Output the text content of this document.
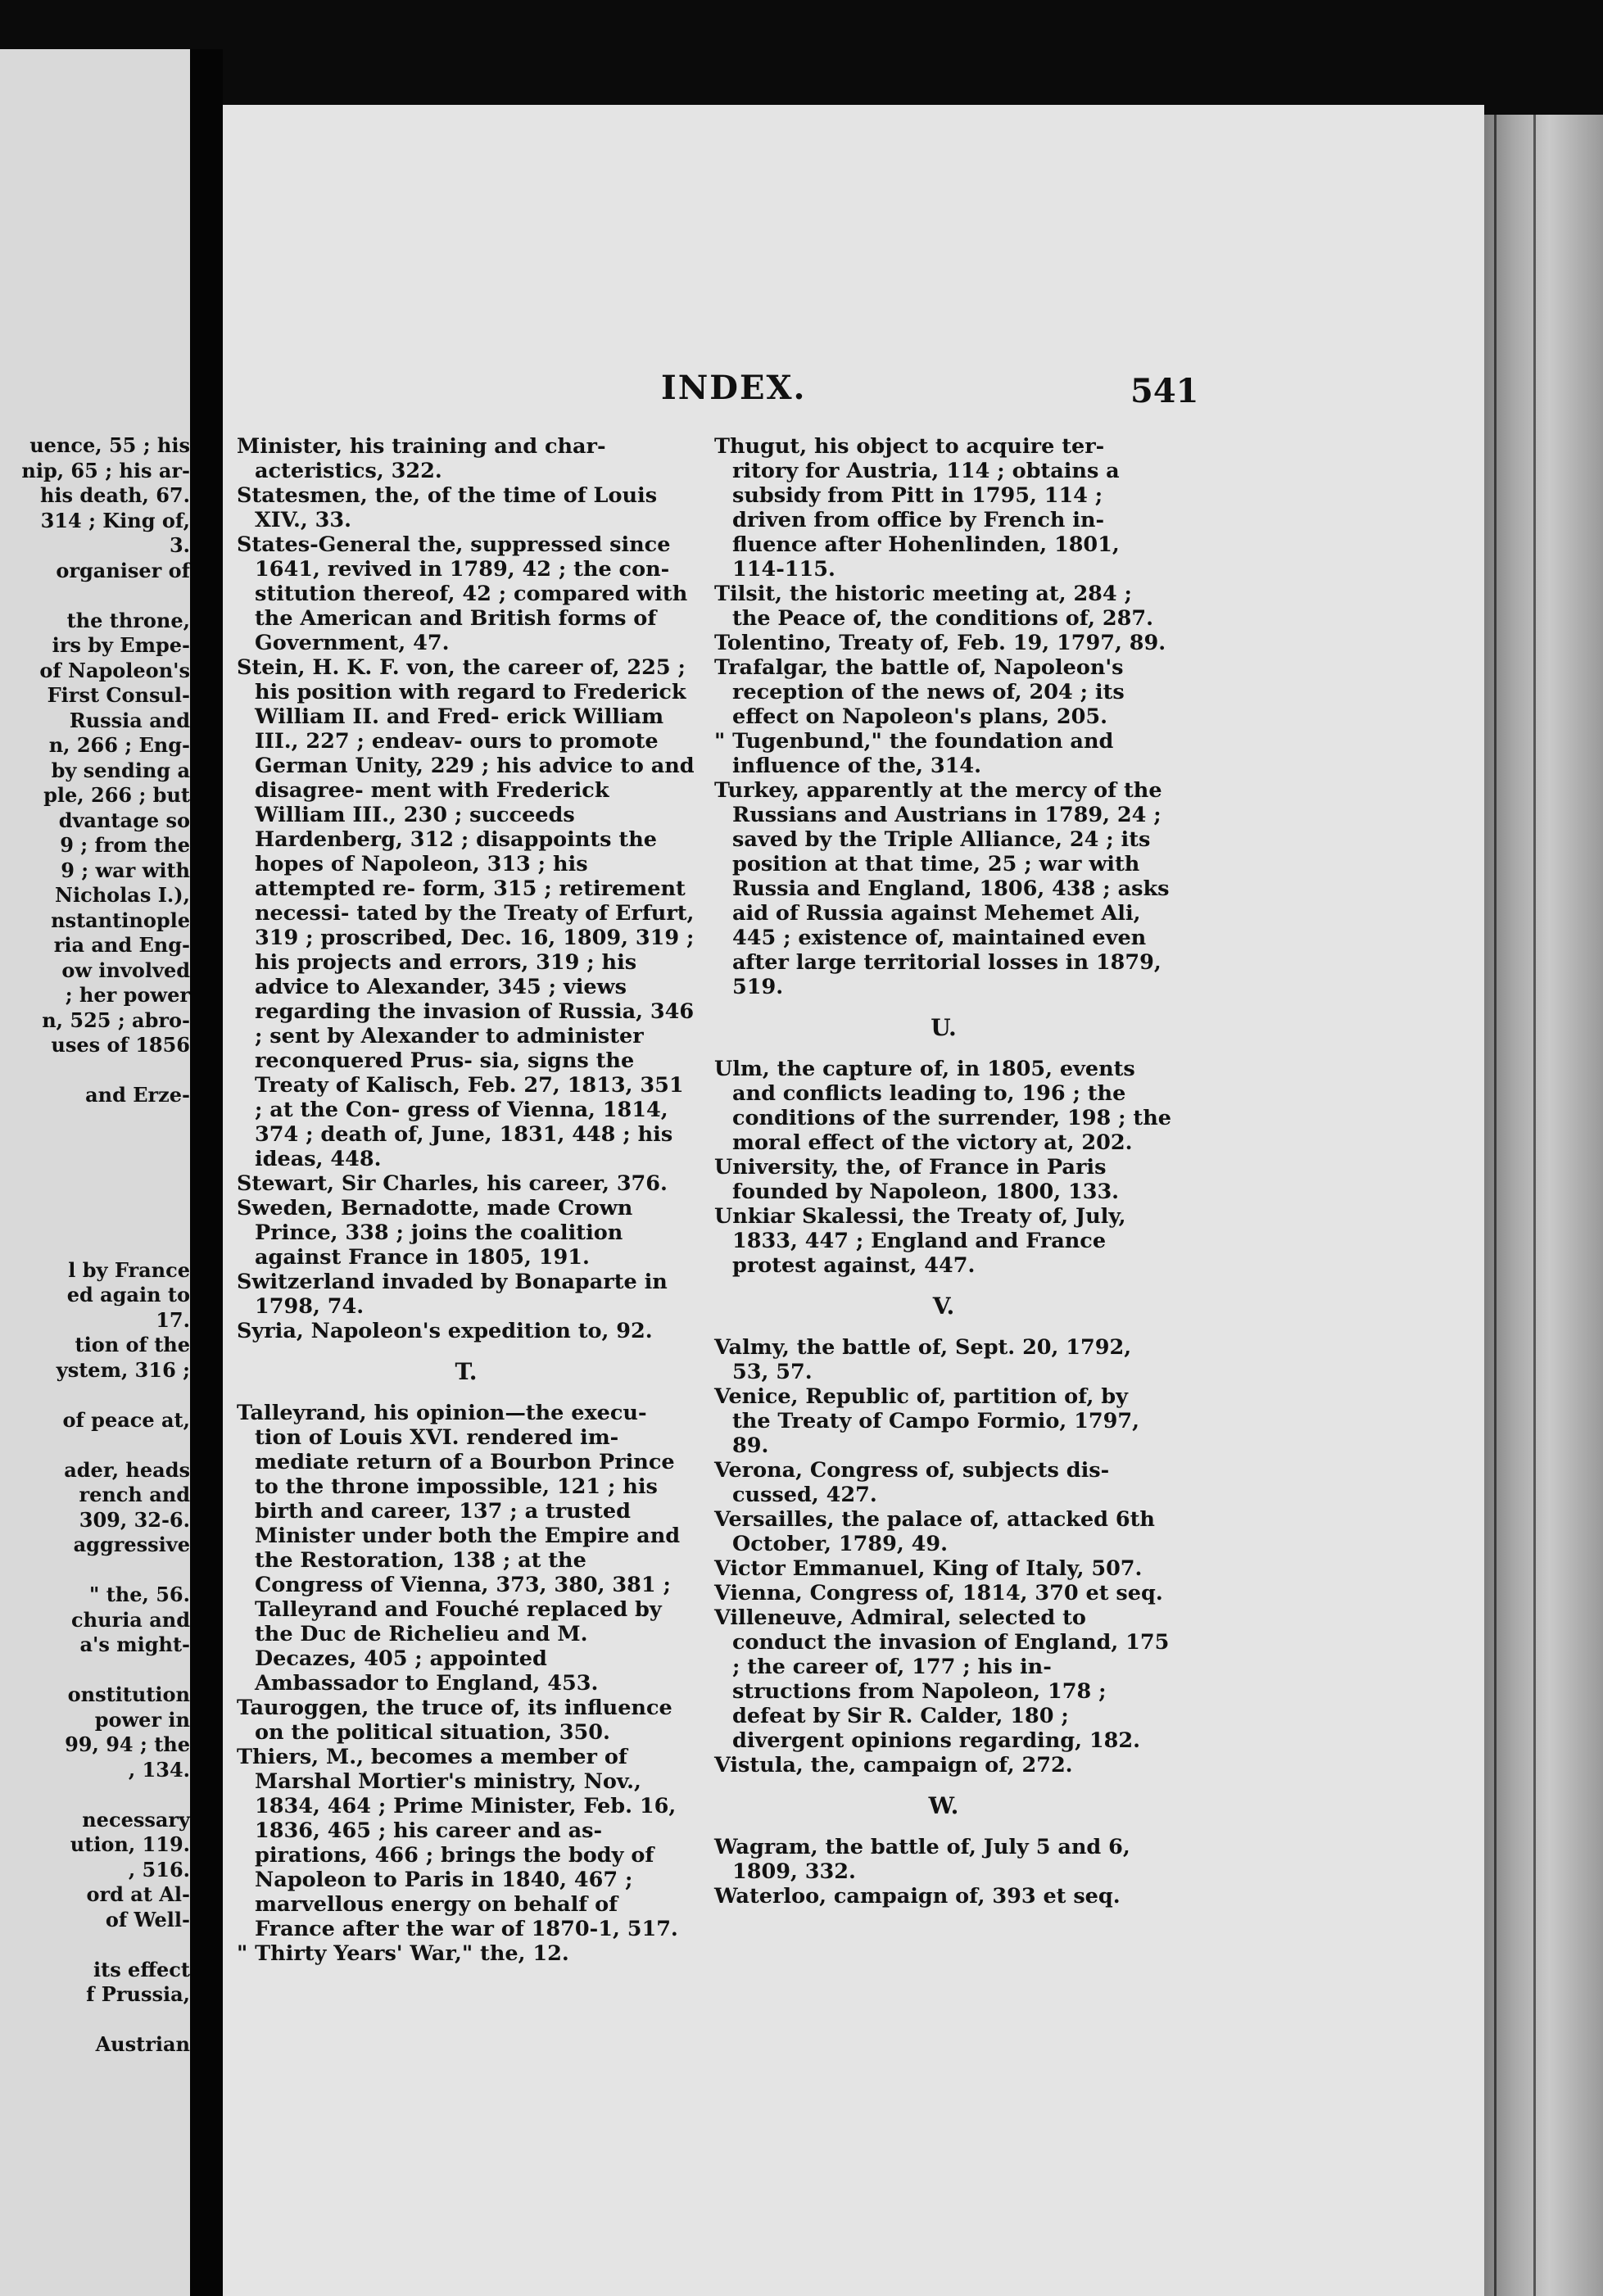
uence, 55 ; his
nip, 65 ; his ar-
his death, 67.
314 ; King of,
3.
organiser of
the throne,
irs by Empe-
of Napoleon's
First Consul-
Russia and
n, 266 ; Eng-
by sending a
ple, 266 ; but
dvantage so
9 ; from the
9 ; war with
Nicholas I.),
nstantinople
ria and Eng-
ow involved
; her power
n, 525 ; abro-
uses of 1856
and Erze-
l by France
ed again to
17.
tion of the
ystem, 316 ;
of peace at,
ader, heads
rench and
309, 32-6.
aggressive
" the, 56.
churia and
a's might-
onstitution
power in
99, 94 ; the
, 134.
necessary
ution, 119.
, 516.
ord at Al-
of Well-
its effect
f Prussia,
Austrian
INDEX.	541

Minister, his training and char- acteristics, 322.

Statesmen, the, of the time of Louis XIV., 33.

States-General the, suppressed since 1641, revived in 1789, 42 ; the con- stitution thereof, 42 ; compared with the American and British forms of Government, 47.

Stein, H. K. F. von, the career of, 225 ; his position with regard to Frederick William II. and Fred- erick William III., 227 ; endeav- ours to promote German Unity, 229 ; his advice to and disagree- ment with Frederick William III., 230 ; succeeds Hardenberg, 312 ; disappoints the hopes of Napoleon, 313 ; his attempted re- form, 315 ; retirement necessi- tated by the Treaty of Erfurt, 319 ; proscribed, Dec. 16, 1809, 319 ; his projects and errors, 319 ; his advice to Alexander, 345 ; views regarding the invasion of Russia, 346 ; sent by Alexander to administer reconquered Prus- sia, signs the Treaty of Kalisch, Feb. 27, 1813, 351 ; at the Con- gress of Vienna, 1814, 374 ; death of, June, 1831, 448 ; his ideas, 448.

Stewart, Sir Charles, his career, 376.

Sweden, Bernadotte, made Crown Prince, 338 ; joins the coalition against France in 1805, 191.

Switzerland invaded by Bonaparte in 1798, 74.

Syria, Napoleon's expedition to, 92.

T.

Talleyrand, his opinion—the execu- tion of Louis XVI. rendered im- mediate return of a Bourbon Prince to the throne impossible, 121 ; his birth and career, 137 ; a trusted Minister under both the Empire and the Restoration, 138 ; at the Congress of Vienna, 373, 380, 381 ; Talleyrand and Fouché replaced by the Duc de Richelieu and M. Decazes, 405 ; appointed Ambassador to England, 453.

Tauroggen, the truce of, its influence on the political situation, 350.

Thiers, M., becomes a member of Marshal Mortier's ministry, Nov., 1834, 464 ; Prime Minister, Feb. 16, 1836, 465 ; his career and as- pirations, 466 ; brings the body of Napoleon to Paris in 1840, 467 ; marvellous energy on behalf of France after the war of 1870-1, 517.

" Thirty Years' War," the, 12.

Thugut, his object to acquire ter- ritory for Austria, 114 ; obtains a subsidy from Pitt in 1795, 114 ; driven from office by French in- fluence after Hohenlinden, 1801, 114-115.

Tilsit, the historic meeting at, 284 ; the Peace of, the conditions of, 287.

Tolentino, Treaty of, Feb. 19, 1797, 89.

Trafalgar, the battle of, Napoleon's reception of the news of, 204 ; its effect on Napoleon's plans, 205.

" Tugenbund," the foundation and influence of the, 314.

Turkey, apparently at the mercy of the Russians and Austrians in 1789, 24 ; saved by the Triple Alliance, 24 ; its position at that time, 25 ; war with Russia and England, 1806, 438 ; asks aid of Russia against Mehemet Ali, 445 ; existence of, maintained even after large territorial losses in 1879, 519.

U.

Ulm, the capture of, in 1805, events and conflicts leading to, 196 ; the conditions of the surrender, 198 ; the moral effect of the victory at, 202.

University, the, of France in Paris founded by Napoleon, 1800, 133.

Unkiar Skalessi, the Treaty of, July, 1833, 447 ; England and France protest against, 447.

V.

Valmy, the battle of, Sept. 20, 1792, 53, 57.

Venice, Republic of, partition of, by the Treaty of Campo Formio, 1797, 89.

Verona, Congress of, subjects dis- cussed, 427.

Versailles, the palace of, attacked 6th October, 1789, 49.

Victor Emmanuel, King of Italy, 507.

Vienna, Congress of, 1814, 370 et seq.

Villeneuve, Admiral, selected to conduct the invasion of England, 175 ; the career of, 177 ; his in- structions from Napoleon, 178 ; defeat by Sir R. Calder, 180 ; divergent opinions regarding, 182.

Vistula, the, campaign of, 272.

W.

Wagram, the battle of, July 5 and 6, 1809, 332.

Waterloo, campaign of, 393 et seq.
